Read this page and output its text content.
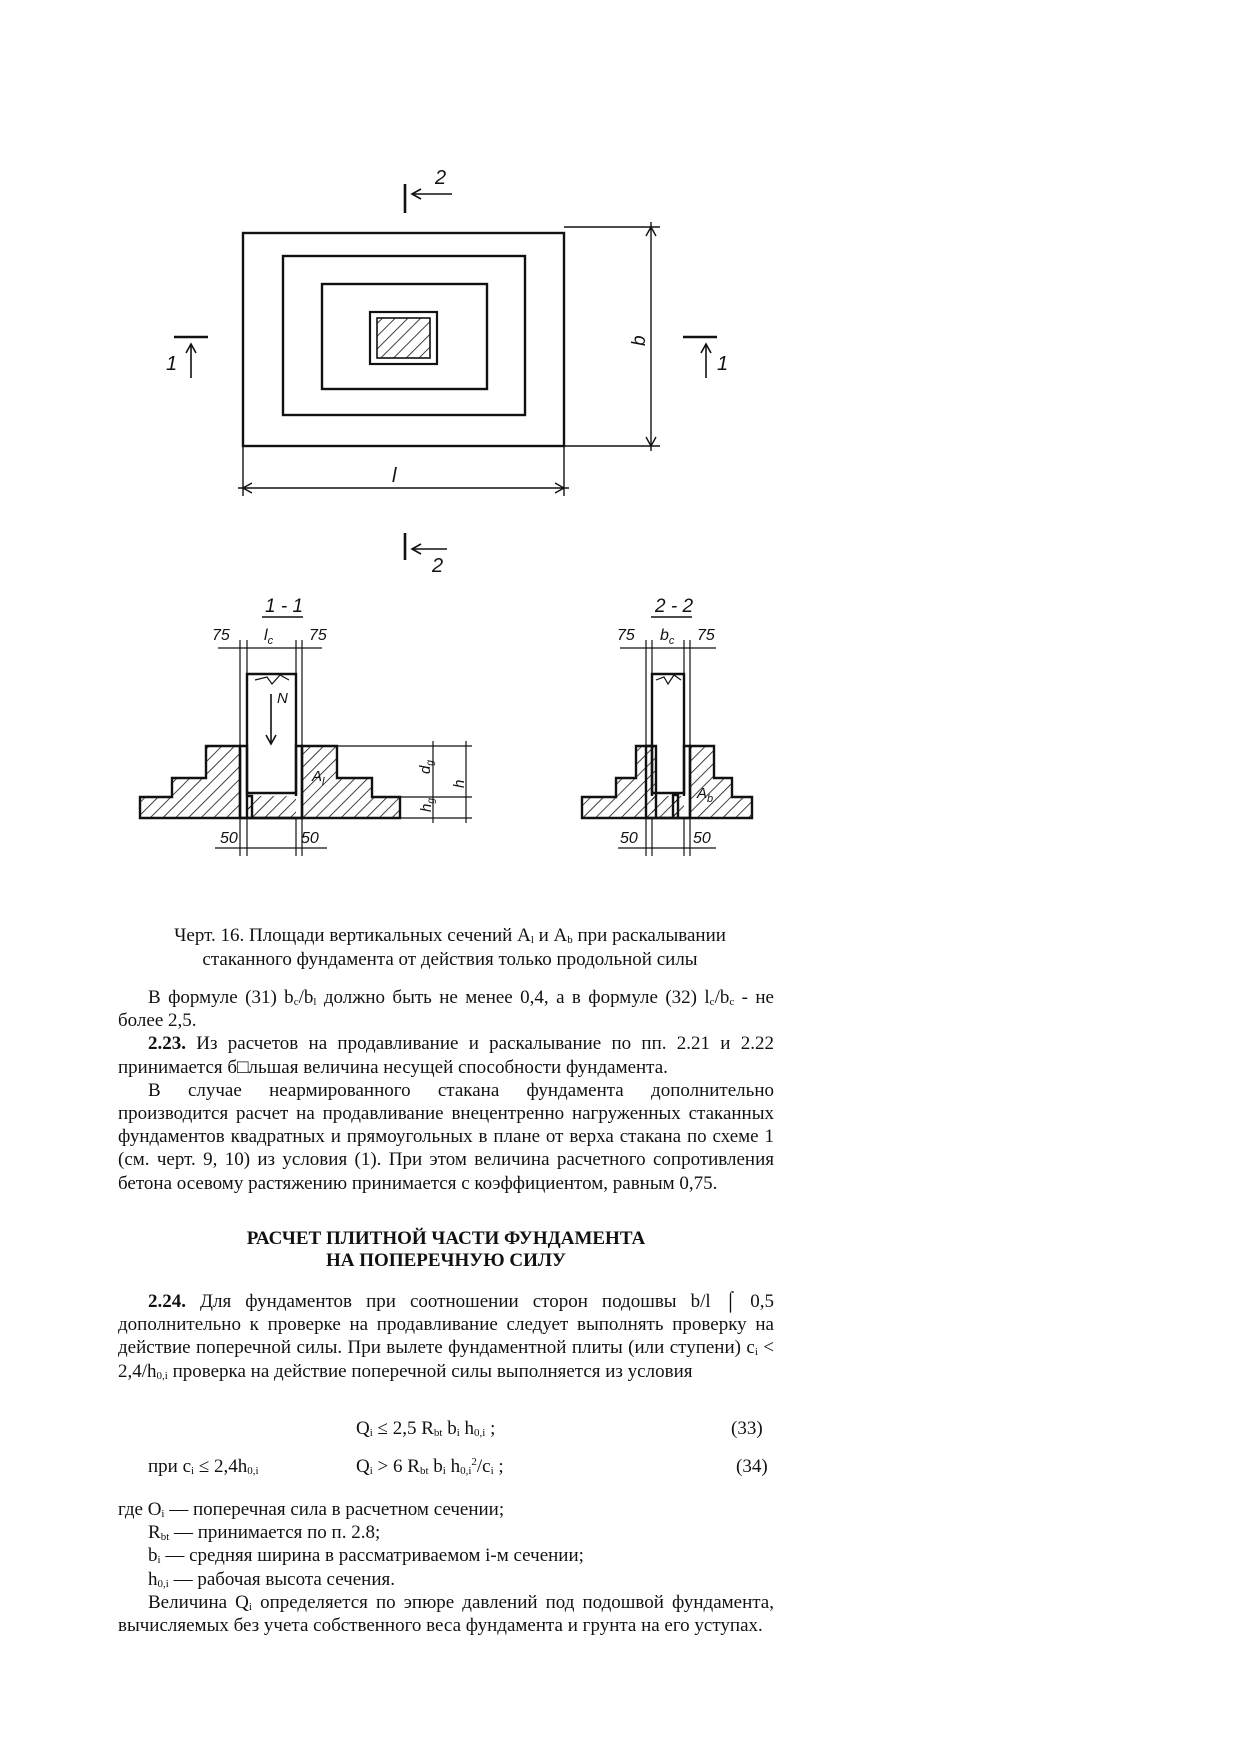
b
l
2
2
1	1
1 - 1
N
$A_l$
75 $l_c$ 75
$d_g$
$h_g$
h
50	50
2 - 2
$A_b$
75 $b_c$ 75
50	50
Черт. 16. Площади вертикальных сечений $A_l$ и $A_b$ при раскалывании
стаканного фундамента от действия только продольной силы

В формуле (31) $b_c/b_l$ должно быть не менее 0,4, а в формуле (32) $l_c/b_c$ - не более 2,5.

2.23. Из расчетов на продавливание и раскалывание по пп. 2.21 и 2.22 принимается б□льшая величина несущей способности фундамента.

В случае неармированного стакана фундамента дополнительно производится расчет на продавливание внецентренно нагруженных стаканных фундаментов квадратных и прямоугольных в плане от верха стакана по схеме 1 (см. черт. 9, 10) из условия (1). При этом величина расчетного сопротивления бетона осевому растяжению принимается с коэффициентом, равным 0,75.

РАСЧЕТ ПЛИТНОЙ ЧАСТИ ФУНДАМЕНТА
НА ПОПЕРЕЧНУЮ СИЛУ

2.24. Для фундаментов при соотношении сторон подошвы b/l ⌠ 0,5 дополнительно к проверке на продавливание следует выполнять проверку на действие поперечной силы. При вылете фундаментной плиты (или ступени) $c_i < 2,4/h_{0,i}$ проверка на действие поперечной силы выполняется из условия

$Q_i \le 2,5$ $R_{bt}$ $b_i$ $h_{0,i}$ ;	(33)
при $c_i \le 2,4h_{0,i}$	$Q_i > 6$ $R_{bt}$ $b_i$ $h_{0,i}^2/c_i$ ;	(34)

где $O_i$ — поперечная сила в расчетном сечении;

$R_{bt}$ — принимается по п. 2.8;

$b_i$ — средняя ширина в рассматриваемом i-м сечении;

$h_{0,i}$ — рабочая высота сечения.

Величина $Q_i$ определяется по эпюре давлений под подошвой фундамента, вычисляемых без учета собственного веса фундамента и грунта на его уступах.
